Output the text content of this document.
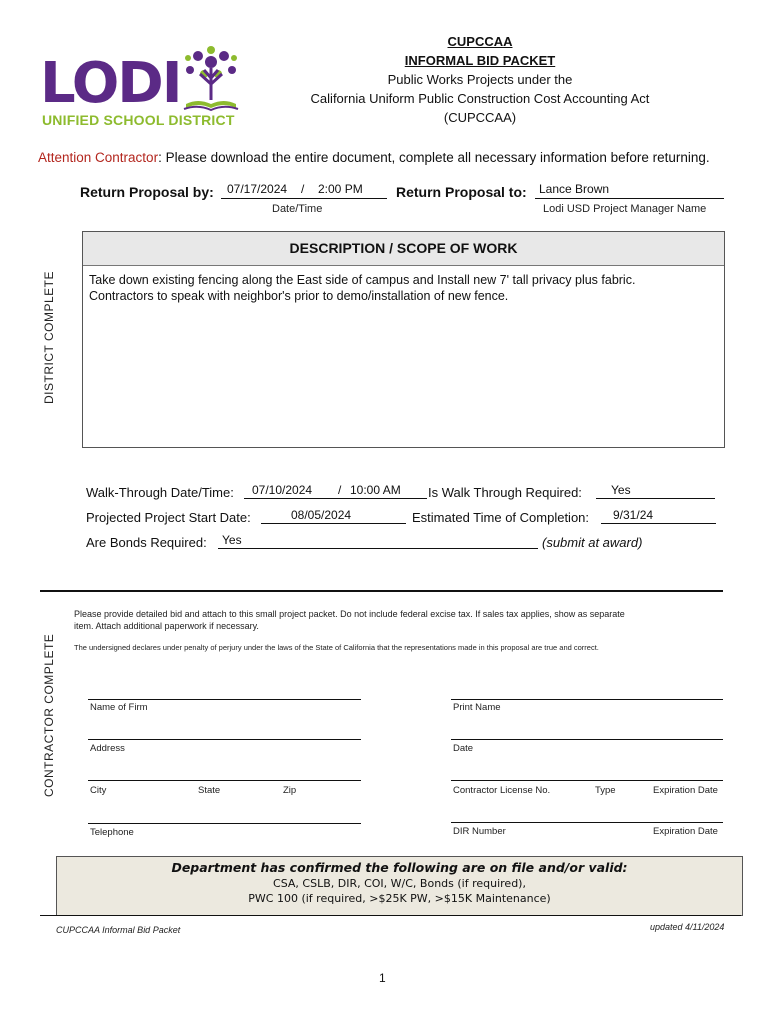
LODI
UNIFIED SCHOOL DISTRICT
CUPCCAA
INFORMAL BID PACKET
Public Works Projects under the
California Uniform Public Construction Cost Accounting Act
(CUPCCAA)
Attention Contractor: Please download the entire document, complete all necessary information before returning.
Return Proposal by: 07/17/2024 / 2:00 PM
Date/Time
Return Proposal to: Lance Brown
Lodi USD Project Manager Name
DISTRICT COMPLETE
DESCRIPTION / SCOPE OF WORK
Take down existing fencing along the East side of campus and Install new 7' tall privacy plus fabric.
Contractors to speak with neighbor's prior to demo/installation of new fence.
Walk-Through Date/Time: 07/10/2024 / 10:00 AM Is Walk Through Required: Yes
Projected Project Start Date:	08/05/2024	Estimated Time of Completion: 9/31/24
Are Bonds Required: Yes	(submit at award)
CONTRACTOR COMPLETE
Please provide detailed bid and attach to this small project packet. Do not include federal excise tax. If sales tax applies, show as separate
item. Attach additional paperwork if necessary.
The undersigned declares under penalty of perjury under the laws of the State of California that the representations made in this proposal are true and correct.
Name of Firm	Print Name
Address	Date
City	State	Zip	Contractor License No.	Type	Expiration Date
Telephone	DIR Number	Expiration Date
Department has confirmed the following are on file and/or valid:
CSA, CSLB, DIR, COI, W/C, Bonds (if required),
PWC 100 (if required, >$25K PW, >$15K Maintenance)
CUPCCAA Informal Bid Packet	updated 4/11/2024
1
